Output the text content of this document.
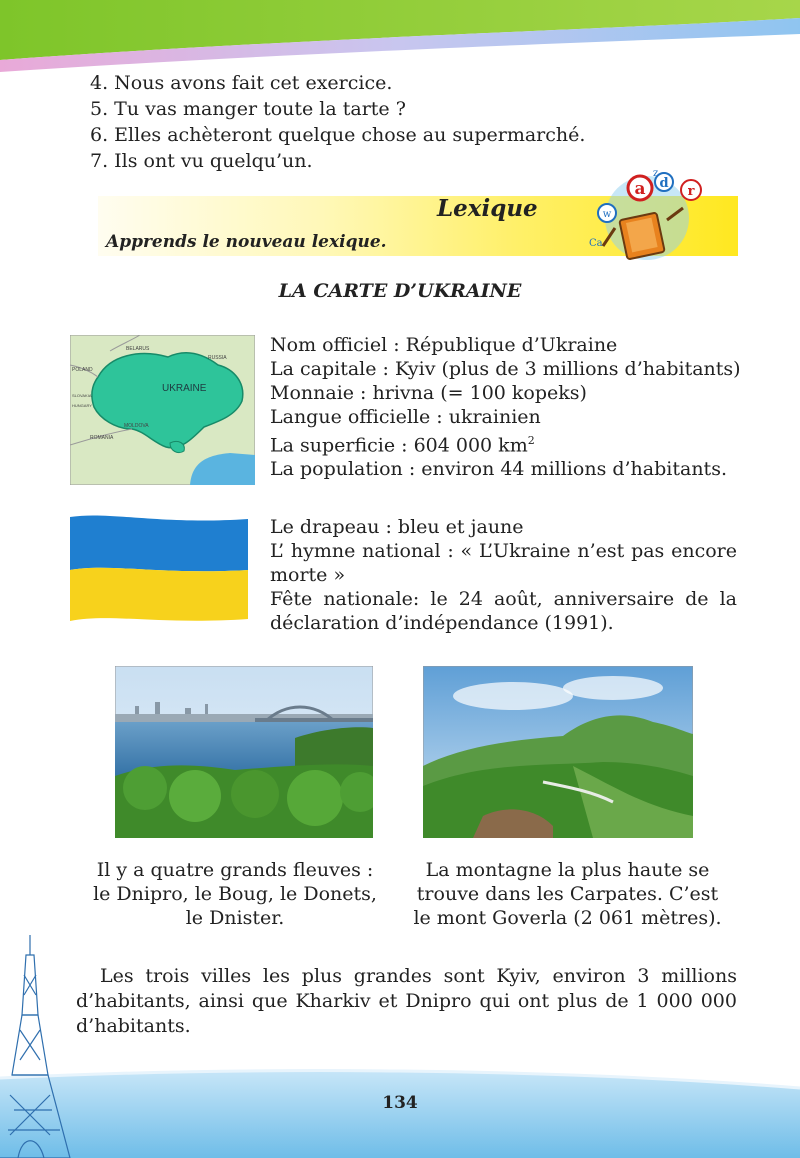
4. Nous avons fait cet exercice.
5. Tu vas manger toute la tarte ?
6. Elles achèteront quelque chose au supermarché.
7. Ils ont vu quelqu’un.
Lexique
Apprends le nouveau lexique.
a d
r
w
z
Cа
LA CARTE D’UKRAINE
UKRAINE
BELARUS
RUSSIA
POLAND
SLOVAKIA
HUNGARY
MOLDOVA
ROMANIA
Nom officiel : République d’Ukraine
La capitale : Kyiv (plus de 3 millions d’habitants)
Monnaie : hrivna (= 100 kopeks)
Langue officielle : ukrainien
La superficie : 604 000 $km^2$
La population : environ 44 millions d’habitants.
Le drapeau : bleu et jaune
L’ hymne national : « L’Ukraine n’est pas encore
morte »
Fête nationale: le 24 août, anniversaire de la
déclaration d’indépendance (1991).
Il y a quatre grands fleuves :
le Dnipro, le Boug, le Donets,
le Dnister.
La montagne la plus haute se
trouve dans les Carpates. C’est
le mont Goverla (2 061 mètres).

Les trois villes les plus grandes sont Kyiv, environ 3 millions d’habitants, ainsi que Kharkiv et Dnipro qui ont plus de 1 000 000 d’habitants.

134
